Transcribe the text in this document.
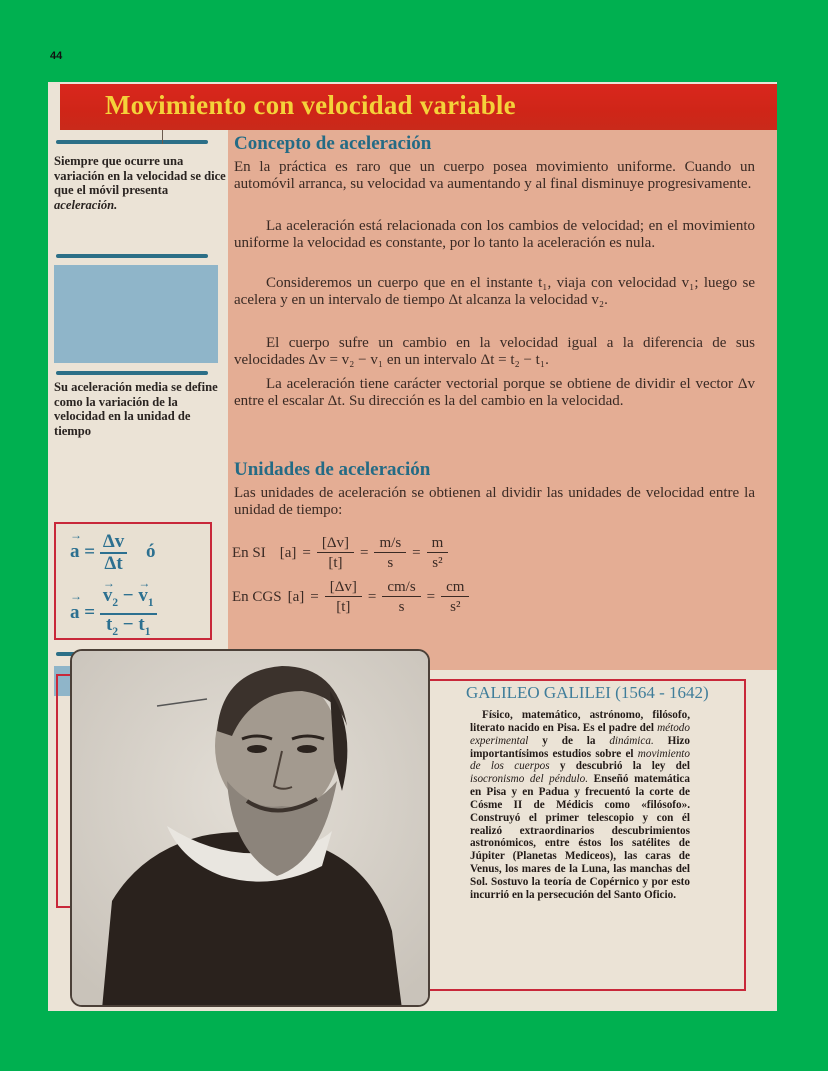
44
Movimiento con velocidad variable
Siempre que ocurre una variación en la velocidad se dice que el móvil presenta aceleración.
Su aceleración media se define como la variación de la velocidad en la unidad de tiempo
→ $a = \frac{\Delta v}{\Delta t}$ ó
→ a = → $\frac{v_2 - \to v_1}{t_2 - t_1}$
Concepto de aceleración

En la práctica es raro que un cuerpo posea movimiento uniforme. Cuando un automóvil arranca, su velocidad va aumentando y al final disminuye progresivamente.

La aceleración está relacionada con los cambios de velocidad; en el movimiento uniforme la velocidad es constante, por lo tanto la aceleración es nula.

Consideremos un cuerpo que en el instante t₁, viaja con velocidad v₁; luego se acelera y en un intervalo de tiempo Δt alcanza la velocidad v₂.

El cuerpo sufre un cambio en la velocidad igual a la diferencia de sus velocidades Δv = v₂ − v₁ en un intervalo Δt = t₂ − t₁.

La aceleración tiene carácter vectorial porque se obtiene de dividir el vector Δv entre el escalar Δt. Su dirección es la del cambio en la velocidad.

Unidades de aceleración

Las unidades de aceleración se obtienen al dividir las unidades de velocidad entre la unidad de tiempo:

En SI $[a] = \frac{[\Delta v]}{[t]} = \frac{m/s}{s} = \frac{m}{\text{s²}}$
En CGS $[a] = \frac{[\Delta v]}{[t]} = \frac{cm/s}{s} = \frac{cm}{\text{s²}}$
GALILEO GALILEI (1564 - 1642)
Físico, matemático, astrónomo, filósofo, literato nacido en Pisa. Es el padre del método experimental y de la dinámica. Hizo importantísimos estudios sobre el movimiento de los cuerpos y descubrió la ley del isocronismo del péndulo. Enseñó matemática en Pisa y en Padua y frecuentó la corte de Cósme II de Médicis como «filósofo». Construyó el primer telescopio y con él realizó extraordinarios descubrimientos astronómicos, entre éstos los satélites de Júpiter (Planetas Mediceos), las caras de Venus, los mares de la Luna, las manchas del Sol. Sostuvo la teoría de Copérnico y por esto incurrió en la persecución del Santo Oficio.
